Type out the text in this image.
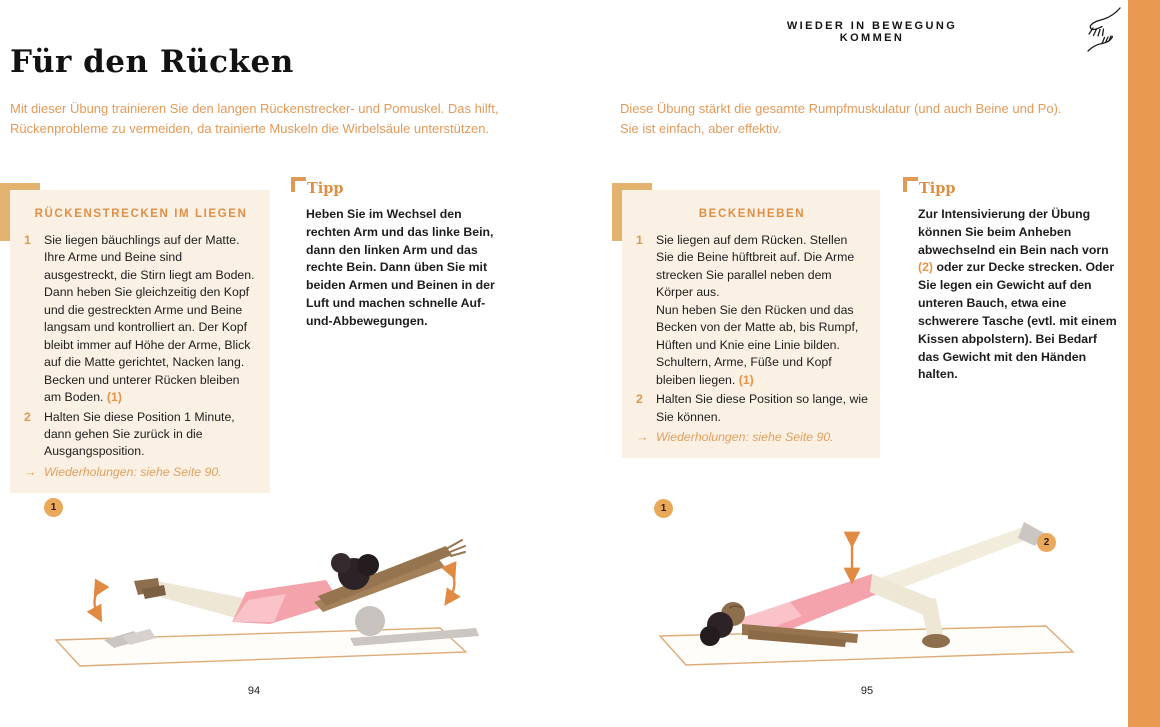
WIEDER IN BEWEGUNG KOMMEN
Für den Rücken
Mit dieser Übung trainieren Sie den langen Rückenstrecker- und Pomuskel. Das hilft, Rückenprobleme zu vermeiden, da trainierte Muskeln die Wirbelsäule unterstützen.
Diese Übung stärkt die gesamte Rumpfmuskulatur (und auch Beine und Po). Sie ist einfach, aber effektiv.
RÜCKENSTRECKEN IM LIEGEN
1	Sie liegen bäuchlings auf der Matte. Ihre Arme und Beine sind ausgestreckt, die Stirn liegt am Boden.
Dann heben Sie gleichzeitig den Kopf und die gestreckten Arme und Beine langsam und kontrolliert an. Der Kopf bleibt immer auf Höhe der Arme, Blick auf die Matte gerichtet, Nacken lang. Becken und unterer Rücken bleiben am Boden. (1)
2	Halten Sie diese Position 1 Minute, dann gehen Sie zurück in die Ausgangsposition.
→ Wiederholungen: siehe Seite 90.
Tipp
Heben Sie im Wechsel den rechten Arm und das linke Bein, dann den linken Arm und das rechte Bein. Dann üben Sie mit beiden Armen und Beinen in der Luft und machen schnelle Auf-und-Abbewegungen.
BECKENHEBEN
1	Sie liegen auf dem Rücken. Stellen Sie die Beine hüftbreit auf. Die Arme strecken Sie parallel neben dem Körper aus.
Nun heben Sie den Rücken und das Becken von der Matte ab, bis Rumpf, Hüften und Knie eine Linie bilden. Schultern, Arme, Füße und Kopf bleiben liegen. (1)
2	Halten Sie diese Position so lange, wie Sie können.
→ Wiederholungen: siehe Seite 90.
Tipp
Zur Intensivierung der Übung können Sie beim Anheben abwechselnd ein Bein nach vorn (2) oder zur Decke strecken. Oder Sie legen ein Gewicht auf den unteren Bauch, etwa eine schwerere Tasche (evtl. mit einem Kissen abpolstern). Bei Bedarf das Gewicht mit den Händen halten.
1	1
2
94	95
